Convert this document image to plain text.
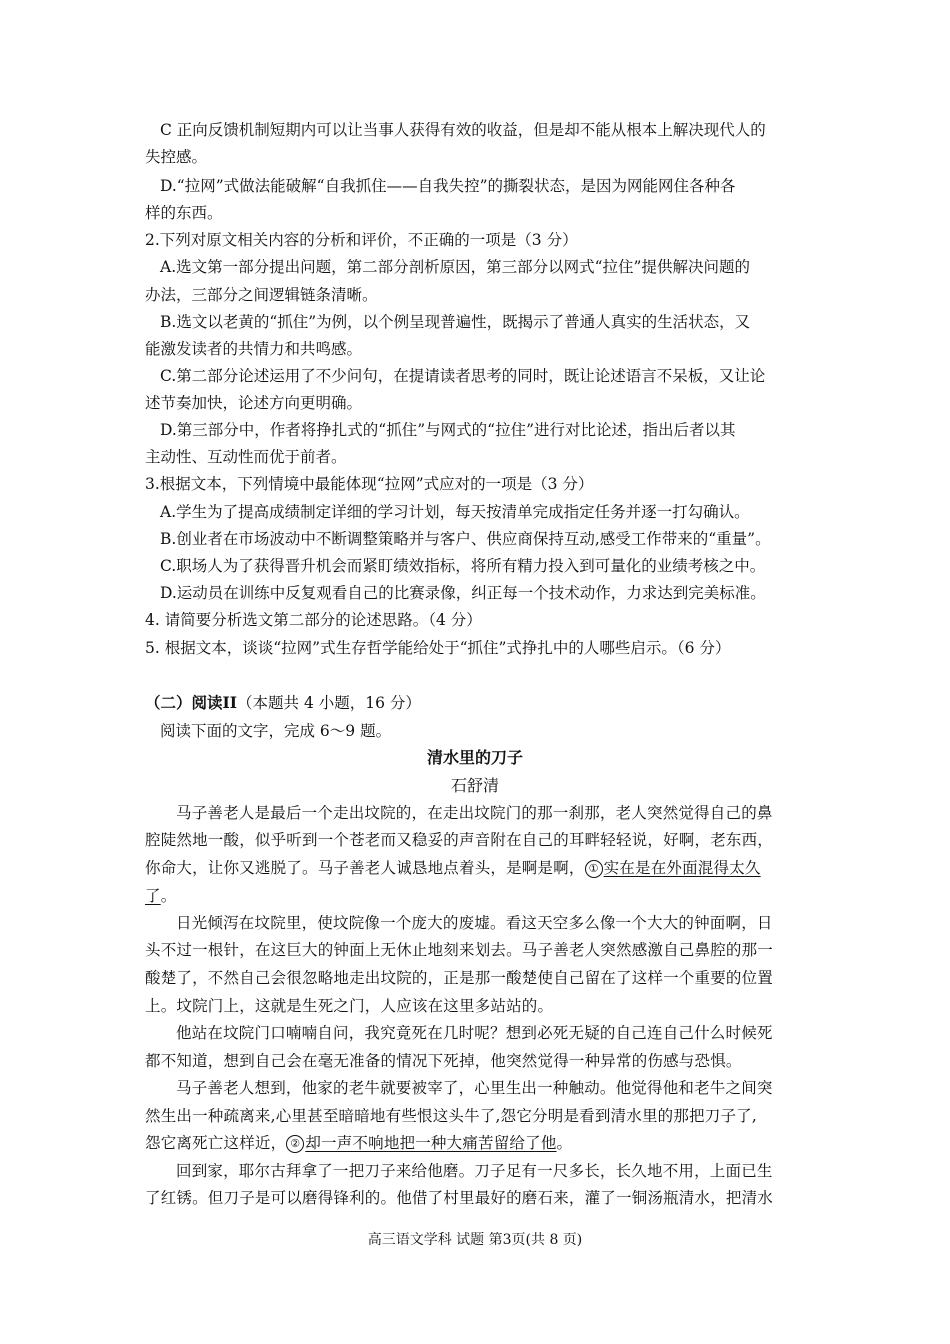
C 正向反馈机制短期内可以让当事人获得有效的收益，但是却不能从根本上解决现代人的
失控感。
D.“拉网”式做法能破解“自我抓住——自我失控”的撕裂状态，是因为网能网住各种各
样的东西。
2.下列对原文相关内容的分析和评价，不正确的一项是（3 分）
A.选文第一部分提出问题，第二部分剖析原因，第三部分以网式“拉住”提供解决问题的
办法，三部分之间逻辑链条清晰。
B.选文以老黄的“抓住”为例，以个例呈现普遍性，既揭示了普通人真实的生活状态，又
能激发读者的共情力和共鸣感。
C.第二部分论述运用了不少问句，在提请读者思考的同时，既让论述语言不呆板，又让论
述节奏加快，论述方向更明确。
D.第三部分中，作者将挣扎式的“抓住”与网式的“拉住”进行对比论述，指出后者以其
主动性、互动性而优于前者。
3.根据文本，下列情境中最能体现“拉网”式应对的一项是（3 分）
A.学生为了提高成绩制定详细的学习计划，每天按清单完成指定任务并逐一打勾确认。
B.创业者在市场波动中不断调整策略并与客户、供应商保持互动,感受工作带来的“重量”。
C.职场人为了获得晋升机会而紧盯绩效指标，将所有精力投入到可量化的业绩考核之中。
D.运动员在训练中反复观看自己的比赛录像，纠正每一个技术动作，力求达到完美标准。
4. 请简要分析选文第二部分的论述思路。（4 分）
5. 根据文本，谈谈“拉网”式生存哲学能给处于“抓住”式挣扎中的人哪些启示。（6 分）
（二）阅读II（本题共 4 小题，16 分）
阅读下面的文字，完成 6～9 题。
清水里的刀子
石舒清
马子善老人是最后一个走出坟院的，在走出坟院门的那一刹那，老人突然觉得自己的鼻
腔陡然地一酸，似乎听到一个苍老而又稳妥的声音附在自己的耳畔轻轻说，好啊，老东西，
你命大，让你又逃脱了。马子善老人诚恳地点着头，是啊是啊， ① 实在是在外面混得太久
了。
日光倾泻在坟院里，使坟院像一个庞大的废墟。看这天空多么像一个大大的钟面啊，日
头不过一根针，在这巨大的钟面上无休止地刻来划去。马子善老人突然感激自己鼻腔的那一
酸楚了，不然自己会很忽略地走出坟院的，正是那一酸楚使自己留在了这样一个重要的位置
上。坟院门上，这就是生死之门，人应该在这里多站站的。
他站在坟院门口喃喃自问，我究竟死在几时呢？想到必死无疑的自己连自己什么时候死
都不知道，想到自己会在毫无准备的情况下死掉，他突然觉得一种异常的伤感与恐惧。
马子善老人想到，他家的老牛就要被宰了，心里生出一种触动。他觉得他和老牛之间突
然生出一种疏离来,心里甚至暗暗地有些恨这头牛了,怨它分明是看到清水里的那把刀子了,
怨它离死亡这样近， ② 却一声不响地把一种大痛苦留给了他。
回到家，耶尔古拜拿了一把刀子来给他磨。刀子足有一尺多长，长久地不用，上面已生
了红锈。但刀子是可以磨得锋利的。他借了村里最好的磨石来，灌了一铜汤瓶清水，把清水
高三语文学科 试题 第3页(共 8 页)
